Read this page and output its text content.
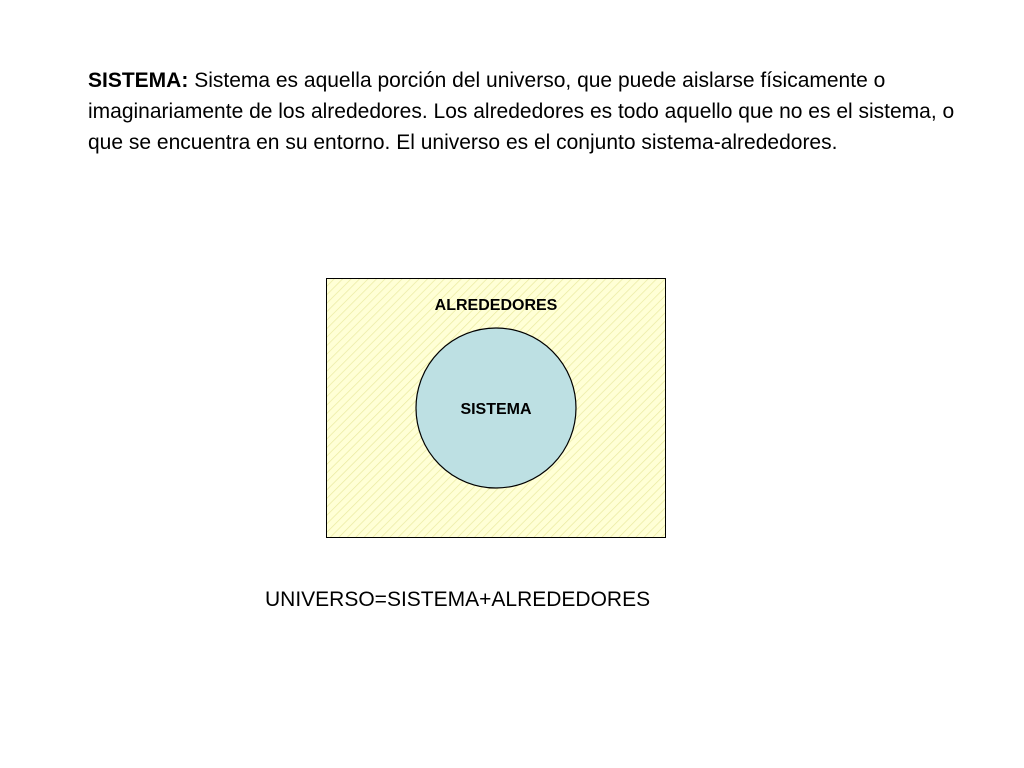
SISTEMA: Sistema es aquella porción del universo, que puede aislarse físicamente o imaginariamente de los alrededores. Los alrededores es todo aquello que no es el sistema, o que se encuentra en su entorno. El universo es el conjunto sistema-alrededores.

ALREDEDORES
SISTEMA
UNIVERSO=SISTEMA+ALREDEDORES
